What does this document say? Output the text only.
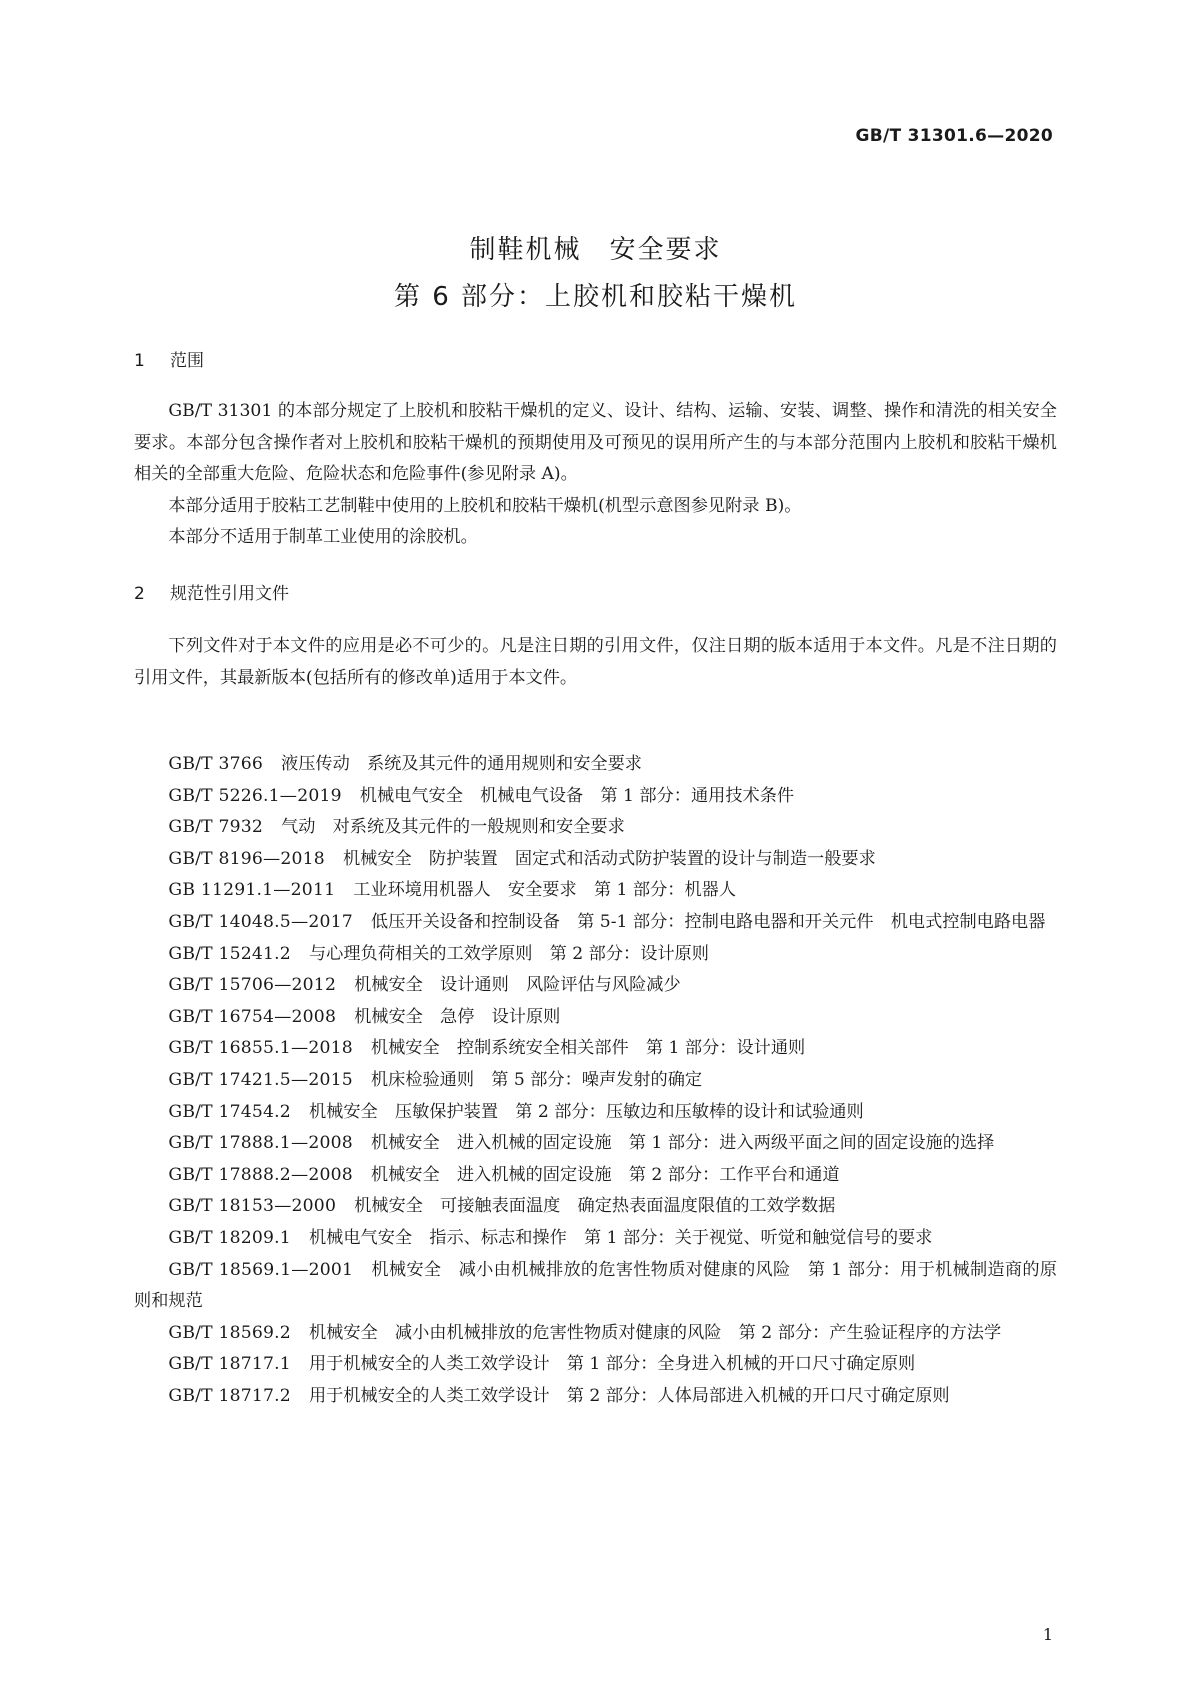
GB/T 31301.6—2020
制鞋机械　安全要求
第 6 部分：上胶机和胶粘干燥机
1 范围

GB/T 31301 的本部分规定了上胶机和胶粘干燥机的定义、设计、结构、运输、安装、调整、操作和清洗的相关安全要求。本部分包含操作者对上胶机和胶粘干燥机的预期使用及可预见的误用所产生的与本部分范围内上胶机和胶粘干燥机相关的全部重大危险、危险状态和危险事件(参见附录 A)。

本部分适用于胶粘工艺制鞋中使用的上胶机和胶粘干燥机(机型示意图参见附录 B)。

本部分不适用于制革工业使用的涂胶机。

2 规范性引用文件

下列文件对于本文件的应用是必不可少的。凡是注日期的引用文件，仅注日期的版本适用于本文件。凡是不注日期的引用文件，其最新版本(包括所有的修改单)适用于本文件。

GB/T 3766 液压传动　系统及其元件的通用规则和安全要求

GB/T 5226.1—2019 机械电气安全　机械电气设备　第 1 部分：通用技术条件

GB/T 7932 气动　对系统及其元件的一般规则和安全要求

GB/T 8196—2018 机械安全　防护装置　固定式和活动式防护装置的设计与制造一般要求

GB 11291.1—2011 工业环境用机器人　安全要求　第 1 部分：机器人

GB/T 14048.5—2017 低压开关设备和控制设备　第 5-1 部分：控制电路电器和开关元件　机电式控制电路电器

GB/T 15241.2 与心理负荷相关的工效学原则　第 2 部分：设计原则

GB/T 15706—2012 机械安全　设计通则　风险评估与风险减少

GB/T 16754—2008 机械安全　急停　设计原则

GB/T 16855.1—2018 机械安全　控制系统安全相关部件　第 1 部分：设计通则

GB/T 17421.5—2015 机床检验通则　第 5 部分：噪声发射的确定

GB/T 17454.2 机械安全　压敏保护装置　第 2 部分：压敏边和压敏棒的设计和试验通则

GB/T 17888.1—2008 机械安全　进入机械的固定设施　第 1 部分：进入两级平面之间的固定设施的选择

GB/T 17888.2—2008 机械安全　进入机械的固定设施　第 2 部分：工作平台和通道

GB/T 18153—2000 机械安全　可接触表面温度　确定热表面温度限值的工效学数据

GB/T 18209.1 机械电气安全　指示、标志和操作　第 1 部分：关于视觉、听觉和触觉信号的要求

GB/T 18569.1—2001 机械安全　减小由机械排放的危害性物质对健康的风险　第 1 部分：用于机械制造商的原则和规范

GB/T 18569.2 机械安全　减小由机械排放的危害性物质对健康的风险　第 2 部分：产生验证程序的方法学

GB/T 18717.1 用于机械安全的人类工效学设计　第 1 部分：全身进入机械的开口尺寸确定原则

GB/T 18717.2 用于机械安全的人类工效学设计　第 2 部分：人体局部进入机械的开口尺寸确定原则

1
